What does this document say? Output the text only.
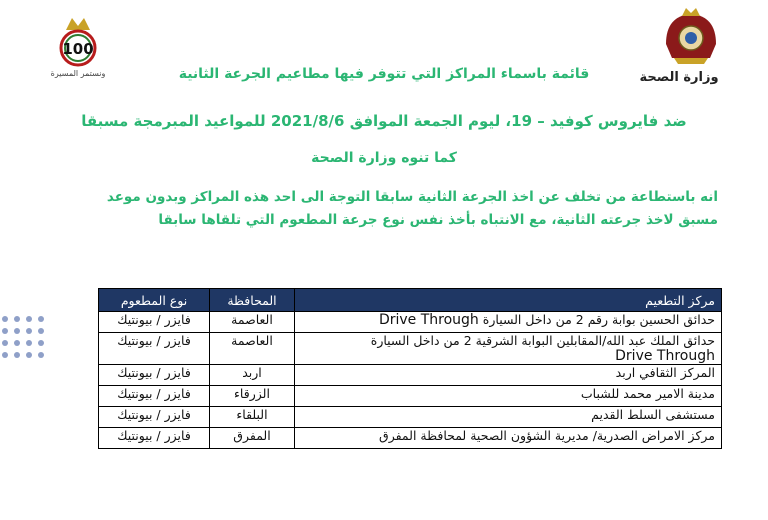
100
ونستمر المسيرة	وزارة الصحة
قائمة باسماء المراكز التي تتوفر فيها مطاعيم الجرعة الثانية
ضد فايروس كوفيد – 19، ليوم الجمعة الموافق 2021/8/6 للمواعيد المبرمجة مسبقا
كما تنوه وزارة الصحة
انه باستطاعة من تخلف عن اخذ الجرعة الثانية سابقا التوجة الى احد هذه المراكز وبدون موعد مسبق لاخذ جرعته الثانية، مع الانتباه بأخذ نفس نوع جرعة المطعوم التي تلقاها سابقا
مركز التطعيم	المحافظة	نوع المطعوم
حدائق الحسين بوابة رقم 2 من داخل السيارة Drive Through	العاصمة	فايزر / بيونتيك
حدائق الملك عبد الله/المقابلين البوابة الشرقية 2 من داخل السيارة
Drive Through	العاصمة	فايزر / بيونتيك
المركز الثقافي اربد	اربد	فايزر / بيونتيك
مدينة الامير محمد للشباب	الزرقاء	فايزر / بيونتيك
مستشفى السلط القديم	البلقاء	فايزر / بيونتيك
مركز الامراض الصدرية/ مديرية الشؤون الصحية لمحافظة المفرق	المفرق	فايزر / بيونتيك
